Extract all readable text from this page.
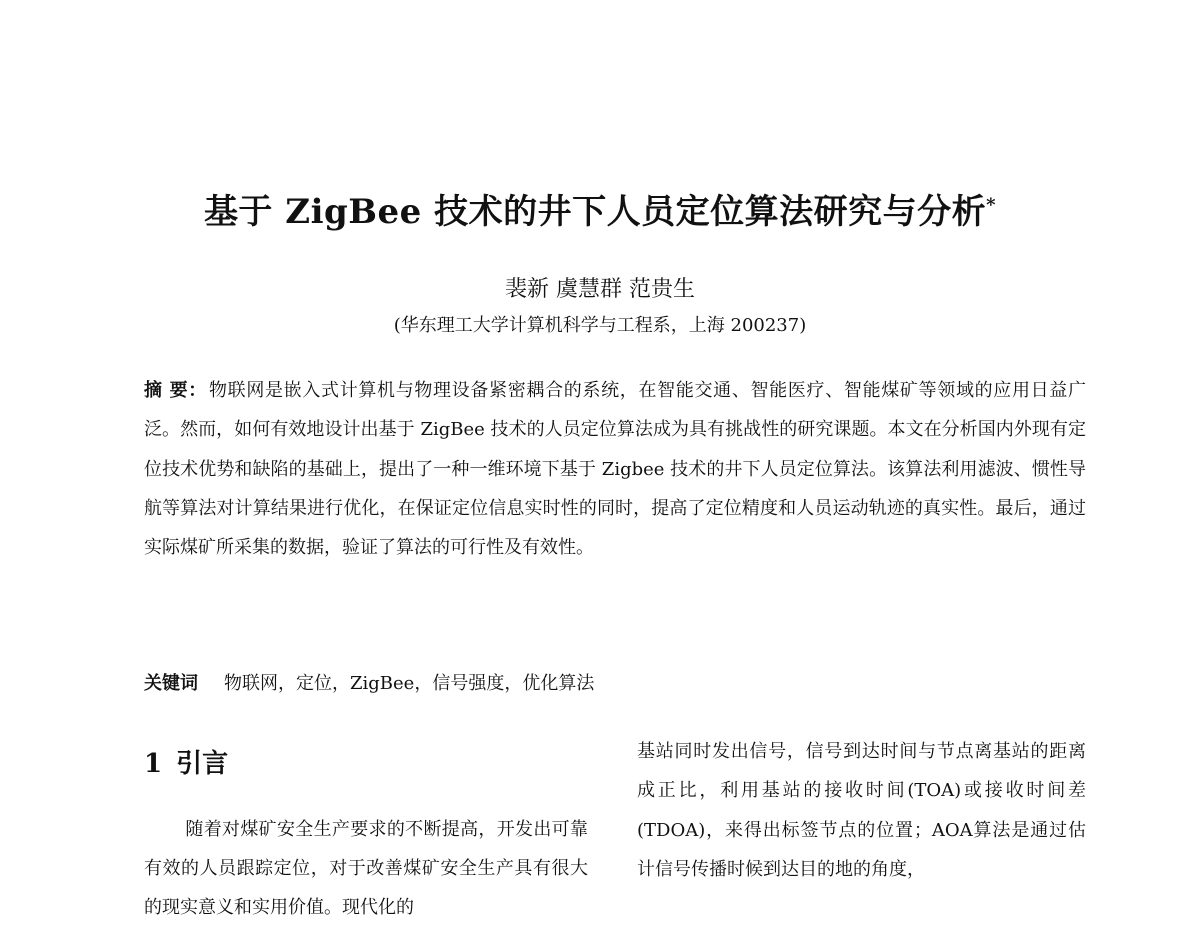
基于 ZigBee 技术的井下人员定位算法研究与分析*
裴新 虞慧群 范贵生
(华东理工大学计算机科学与工程系，上海 200237)
摘 要： 物联网是嵌入式计算机与物理设备紧密耦合的系统，在智能交通、智能医疗、智能煤矿等领域的应用日益广泛。然而，如何有效地设计出基于 ZigBee 技术的人员定位算法成为具有挑战性的研究课题。本文在分析国内外现有定位技术优势和缺陷的基础上，提出了一种一维环境下基于 Zigbee 技术的井下人员定位算法。该算法利用滤波、惯性导航等算法对计算结果进行优化，在保证定位信息实时性的同时，提高了定位精度和人员运动轨迹的真实性。最后，通过实际煤矿所采集的数据，验证了算法的可行性及有效性。
关键词 物联网，定位，ZigBee，信号强度，优化算法
1 引言
随着对煤矿安全生产要求的不断提高，开发出可靠有效的人员跟踪定位，对于改善煤矿安全生产具有很大的现实意义和实用价值。现代化的
基站同时发出信号，信号到达时间与节点离基站的距离成正比，利用基站的接收时间(TOA)或接收时间差(TDOA)，来得出标签节点的位置；AOA算法是通过估计信号传播时候到达目的地的角度，
